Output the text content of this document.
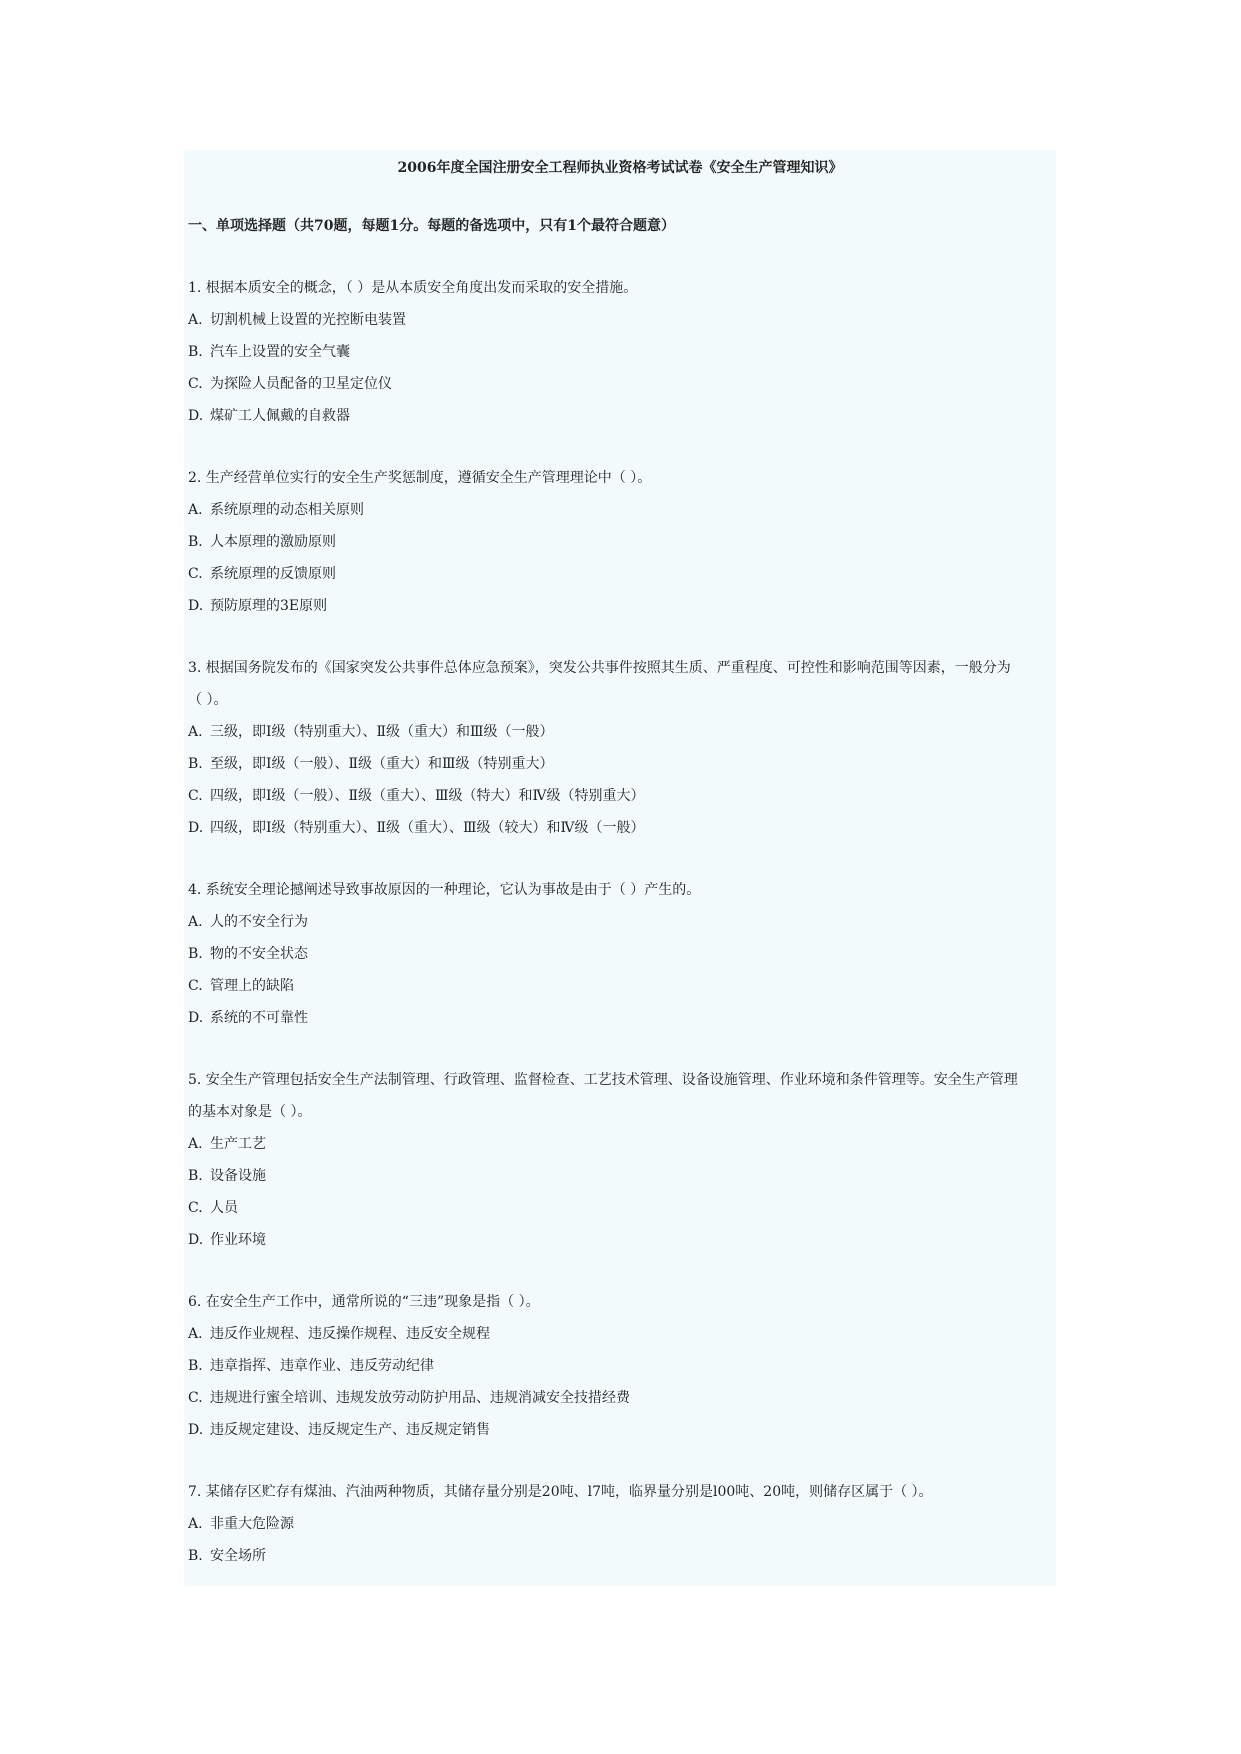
2006年度全国注册安全工程师执业资格考试试卷《安全生产管理知识》
一、单项选择题（共70题，每题1分。每题的备选项中，只有1个最符合题意）
1. 根据本质安全的概念，（ ）是从本质安全角度出发而采取的安全措施。
A. 切割机械上设置的光控断电装置
B. 汽车上设置的安全气囊
C. 为探险人员配备的卫星定位仪
D. 煤矿工人佩戴的自救器
2. 生产经营单位实行的安全生产奖惩制度，遵循安全生产管理理论中（ ）。
A. 系统原理的动态相关原则
B. 人本原理的激励原则
C. 系统原理的反馈原则
D. 预防原理的3E原则
3. 根据国务院发布的《国家突发公共事件总体应急预案》，突发公共事件按照其生质、严重程度、可控性和影响范围等因素，一般分为
（ ）。
A. 三级，即Ⅰ级（特别重大）、Ⅱ级（重大）和Ⅲ级（一般）
B. 至级，即Ⅰ级（一般）、Ⅱ级（重大）和Ⅲ级（特别重大）
C. 四级，即Ⅰ级（一般）、Ⅱ级（重大）、Ⅲ级（特大）和Ⅳ级（特别重大）
D. 四级，即Ⅰ级（特别重大）、Ⅱ级（重大）、Ⅲ级（较大）和Ⅳ级（一般）
4. 系统安全理论撼阐述导致事故原因的一种理论，它认为事故是由于（ ）产生的。
A. 人的不安全行为
B. 物的不安全状态
C. 管理上的缺陷
D. 系统的不可靠性
5. 安全生产管理包括安全生产法制管理、行政管理、监督检查、工艺技术管理、设备设施管理、作业环境和条件管理等。安全生产管理
的基本对象是（ ）。
A. 生产工艺
B. 设备设施
C. 人员
D. 作业环境
6. 在安全生产工作中，通常所说的“三违”现象是指（ ）。
A. 违反作业规程、违反操作规程、违反安全规程
B. 违章指挥、违章作业、违反劳动纪律
C. 违规进行蜜全培训、违规发放劳动防护用品、违规消减安全技措经费
D. 违反规定建设、违反规定生产、违反规定销售
7. 某储存区贮存有煤油、汽油两种物质，其储存量分别是20吨、l7吨，临界量分别是l00吨、20吨，则储存区属于（ ）。
A. 非重大危险源
B. 安全场所
